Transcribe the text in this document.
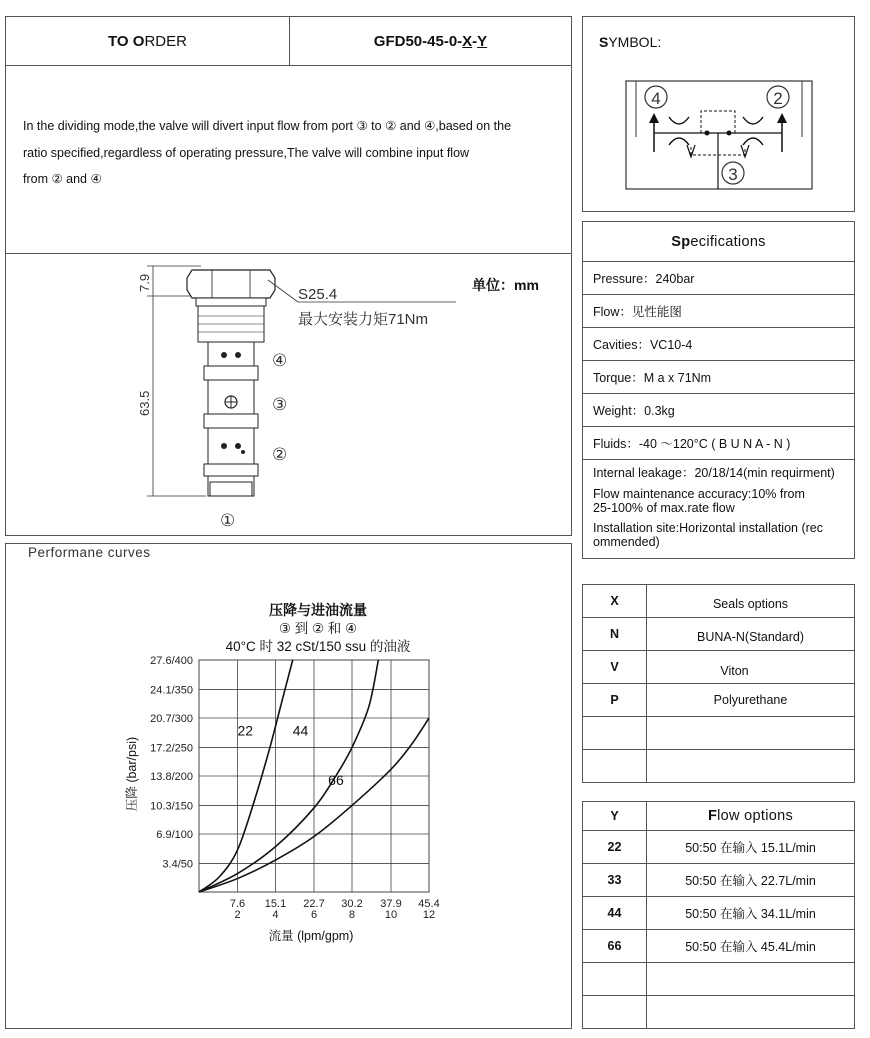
TO O RDER	GFD50-45-0- X - Y
In the dividing mode,the valve will divert input flow from port ③ to ② and ④,based on the
ratio specified,regardless of operating pressure,The valve will combine input flow
from ② and ④
7.9
63.5
S25.4
最大安装力矩71Nm
④
③
②
①
单位：mm
Performane curves
压降与进油流量
③ 到 ② 和 ④
40°C 时 32 cSt/150 ssu 的油液
22	44
66
7.6
2
15.1
4
22.7
6
30.2
8
37.9
10
45.4
12
27.6/400
24.1/350
20.7/300
17.2/250
13.8/200
10.3/150
6.9/100
3.4/50
流量 (lpm/gpm)
压降 (bar/psi)
SYMBOL:
4	2
3
Sp ecifications
Pressure：240bar
Flow：见性能图
Cavities：VC10-4
Torque：M a x 71Nm
Weight：0.3kg
Fluids：-40 ～120°C ( B U N A - N )
Internal leakage：20/18/14(min requirment)
Flow maintenance accuracy:10% from
25-100% of max.rate flow
Installation site:Horizontal installation (rec
ommended)
X	Seals options
N	BUNA-N(Standard)
V	Viton
P	Polyurethane

Y	Flow options
22	50:50 在输入 15.1L/min
33	50:50 在输入 22.7L/min
44	50:50 在输入 34.1L/min
66	50:50 在输入 45.4L/min
